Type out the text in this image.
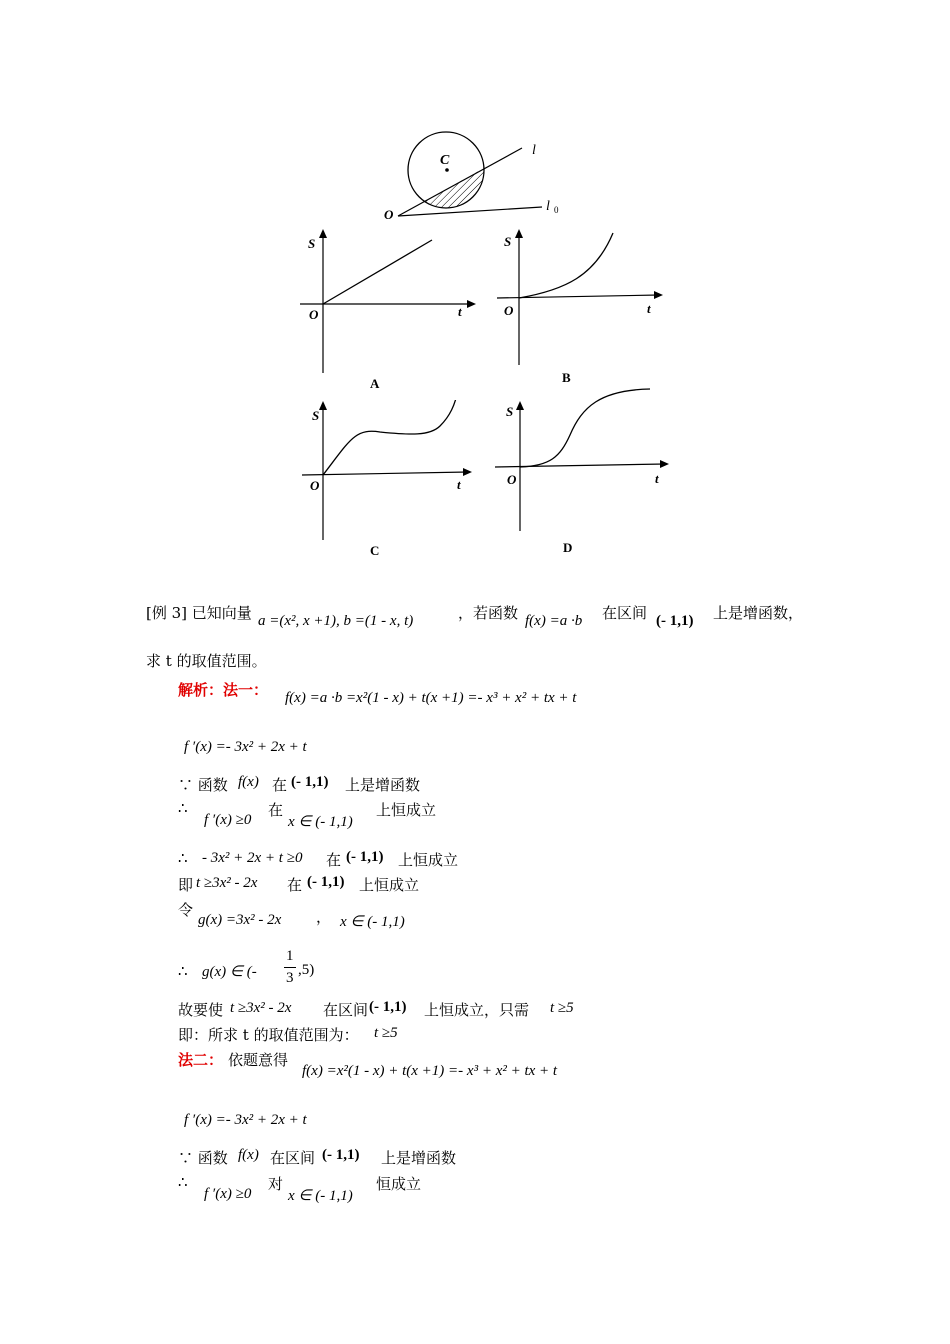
C
l
O
l 0
S
t
O
A
S
t
O
B
S
t
O
C
S
t
O
D
[例 3] 已知向量 a =(x², x +1), b =(1 - x, t)	，若函数 f(x) =a ·b 在区间 (- 1,1) 上是增函数，
求 t 的取值范围。
解析：法一： f(x) =a ·b =x²(1 - x) + t(x +1) =- x³ + x² + tx + t
f ′(x) =- 3x² + 2x + t
∵ 函数 f(x) 在 (- 1,1) 上是增函数
∴
f ′(x) ≥0
在
x ∈ (- 1,1)
上恒成立
∴ - 3x² + 2x + t ≥0 在 (- 1,1) 上恒成立
即 t ≥3x² - 2x 在 (- 1,1) 上恒成立
令
g(x) =3x² - 2x ， x ∈ (- 1,1)
∴ g(x) ∈ (-
1
3 ,5)
故要使 t ≥3x² - 2x 在区间 (- 1,1) 上恒成立，只需 t ≥5
即：所求 t 的取值范围为： t ≥5
法二： 依题意得
f(x) =x²(1 - x) + t(x +1) =- x³ + x² + tx + t
f ′(x) =- 3x² + 2x + t
∵ 函数 f(x) 在区间 (- 1,1) 上是增函数
∴
f ′(x) ≥0
对
x ∈ (- 1,1)
恒成立
